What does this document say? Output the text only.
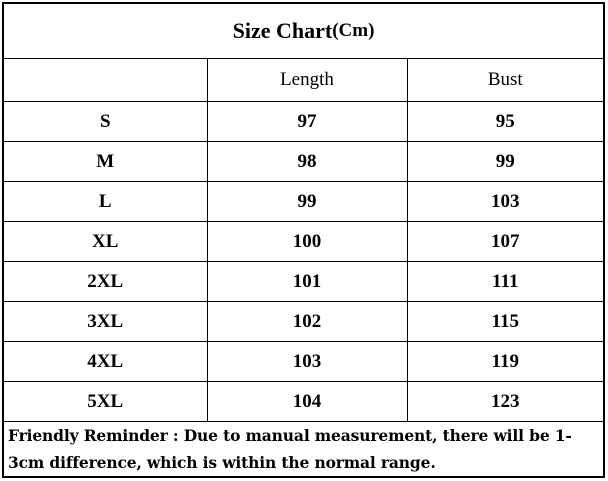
Size Chart (Cm)
	Length	Bust
S	97	95
M	98	99
L	99	103
XL	100	107
2XL	101	111
3XL	102	115
4XL	103	119
5XL	104	123
Friendly Reminder : Due to manual measurement, there will be 1-3cm difference, which is within the normal range.
